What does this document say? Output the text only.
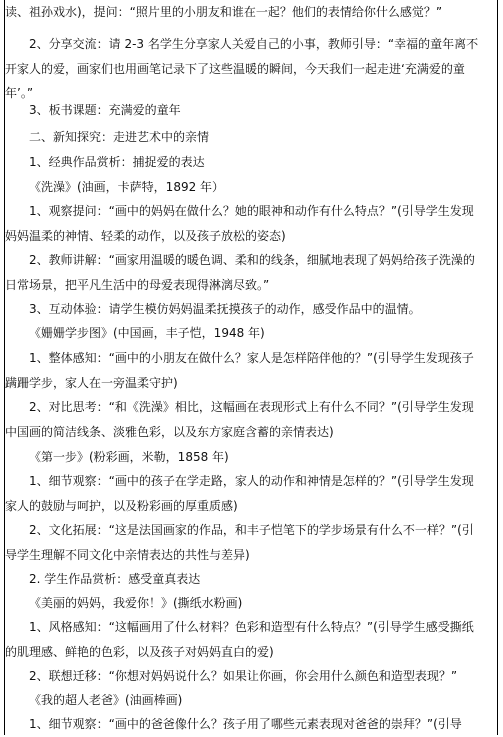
读、祖孙戏水)，提问：“照片里的小朋友和谁在一起？他们的表情给你什么感觉？”

2、分享交流：请 2-3 名学生分享家人关爱自己的小事，教师引导：“幸福的童年离不开家人的爱，画家们也用画笔记录下了这些温暖的瞬间，今天我们一起走进‘充满爱的童年’。”

3、板书课题：充满爱的童年

二、新知探究：走进艺术中的亲情

1、经典作品赏析：捕捉爱的表达

《洗澡》(油画，卡萨特，1892 年）

1、观察提问：“画中的妈妈在做什么？她的眼神和动作有什么特点？”(引导学生发现妈妈温柔的神情、轻柔的动作，以及孩子放松的姿态)

2、教师讲解：“画家用温暖的暖色调、柔和的线条，细腻地表现了妈妈给孩子洗澡的日常场景，把平凡生活中的母爱表现得淋漓尽致。”

3、互动体验：请学生模仿妈妈温柔抚摸孩子的动作，感受作品中的温情。

《姗姗学步图》(中国画，丰子恺，1948 年)

1、整体感知：“画中的小朋友在做什么？家人是怎样陪伴他的？”(引导学生发现孩子蹒跚学步，家人在一旁温柔守护)

2、对比思考：“和《洗澡》相比，这幅画在表现形式上有什么不同？”(引导学生发现中国画的简洁线条、淡雅色彩，以及东方家庭含蓄的亲情表达)

《第一步》(粉彩画，米勒，1858 年)

1、细节观察：“画中的孩子在学走路，家人的动作和神情是怎样的？”(引导学生发现家人的鼓励与呵护，以及粉彩画的厚重质感)

2、文化拓展：“这是法国画家的作品，和丰子恺笔下的学步场景有什么不一样？”(引导学生理解不同文化中亲情表达的共性与差异)

2. 学生作品赏析：感受童真表达

《美丽的妈妈，我爱你！》(撕纸水粉画)

1、风格感知：“这幅画用了什么材料？色彩和造型有什么特点？”(引导学生感受撕纸的肌理感、鲜艳的色彩，以及孩子对妈妈直白的爱)

2、联想迁移：“你想对妈妈说什么？如果让你画，你会用什么颜色和造型表现？”

《我的超人老爸》(油画棒画)

1、细节观察：“画中的爸爸像什么？孩子用了哪些元素表现对爸爸的崇拜？”(引导
